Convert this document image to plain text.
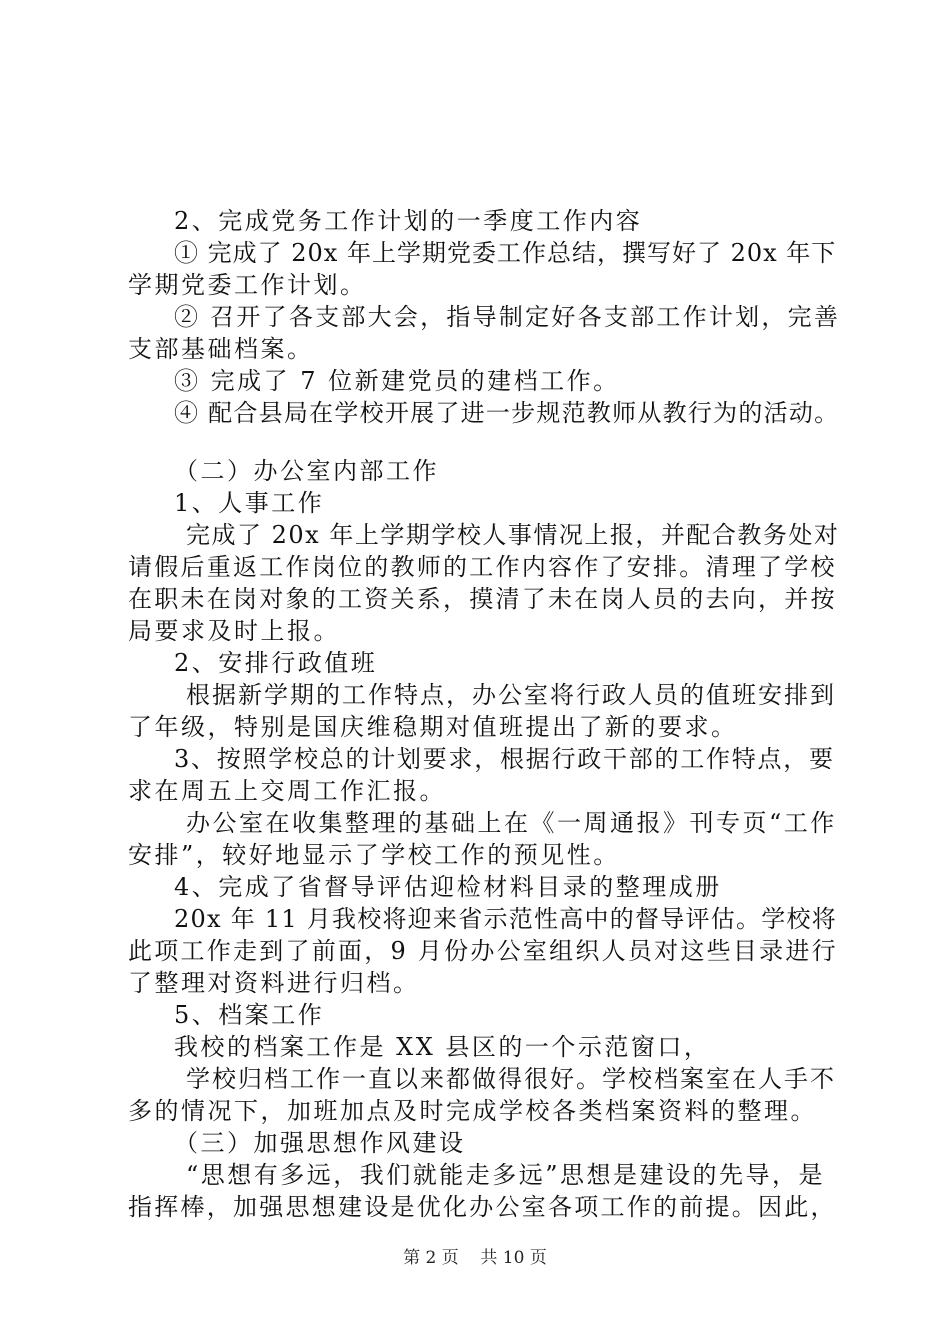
2、完成党务工作计划的一季度工作内容
① 完成了 20x 年上学期党委工作总结，撰写好了 20x 年下
学期党委工作计划。
② 召开了各支部大会，指导制定好各支部工作计划，完善
支部基础档案。
③ 完成了 7 位新建党员的建档工作。
④ 配合县局在学校开展了进一步规范教师从教行为的活动。
（二）办公室内部工作
1、人事工作
完成了 20x 年上学期学校人事情况上报，并配合教务处对
请假后重返工作岗位的教师的工作内容作了安排。清理了学校
在职未在岗对象的工资关系，摸清了未在岗人员的去向，并按
局要求及时上报。
2、安排行政值班
根据新学期的工作特点，办公室将行政人员的值班安排到
了年级，特别是国庆维稳期对值班提出了新的要求。
3、按照学校总的计划要求，根据行政干部的工作特点，要
求在周五上交周工作汇报。
办公室在收集整理的基础上在《一周通报》刊专页“工作
安排”，较好地显示了学校工作的预见性。
4、完成了省督导评估迎检材料目录的整理成册
20x 年 11 月我校将迎来省示范性高中的督导评估。学校将
此项工作走到了前面，9 月份办公室组织人员对这些目录进行
了整理对资料进行归档。
5、档案工作
我校的档案工作是 XX 县区的一个示范窗口，
学校归档工作一直以来都做得很好。学校档案室在人手不
多的情况下，加班加点及时完成学校各类档案资料的整理。
（三）加强思想作风建设
“思想有多远，我们就能走多远”思想是建设的先导，是
指挥棒，加强思想建设是优化办公室各项工作的前提。因此，
第 2 页 共 10 页
